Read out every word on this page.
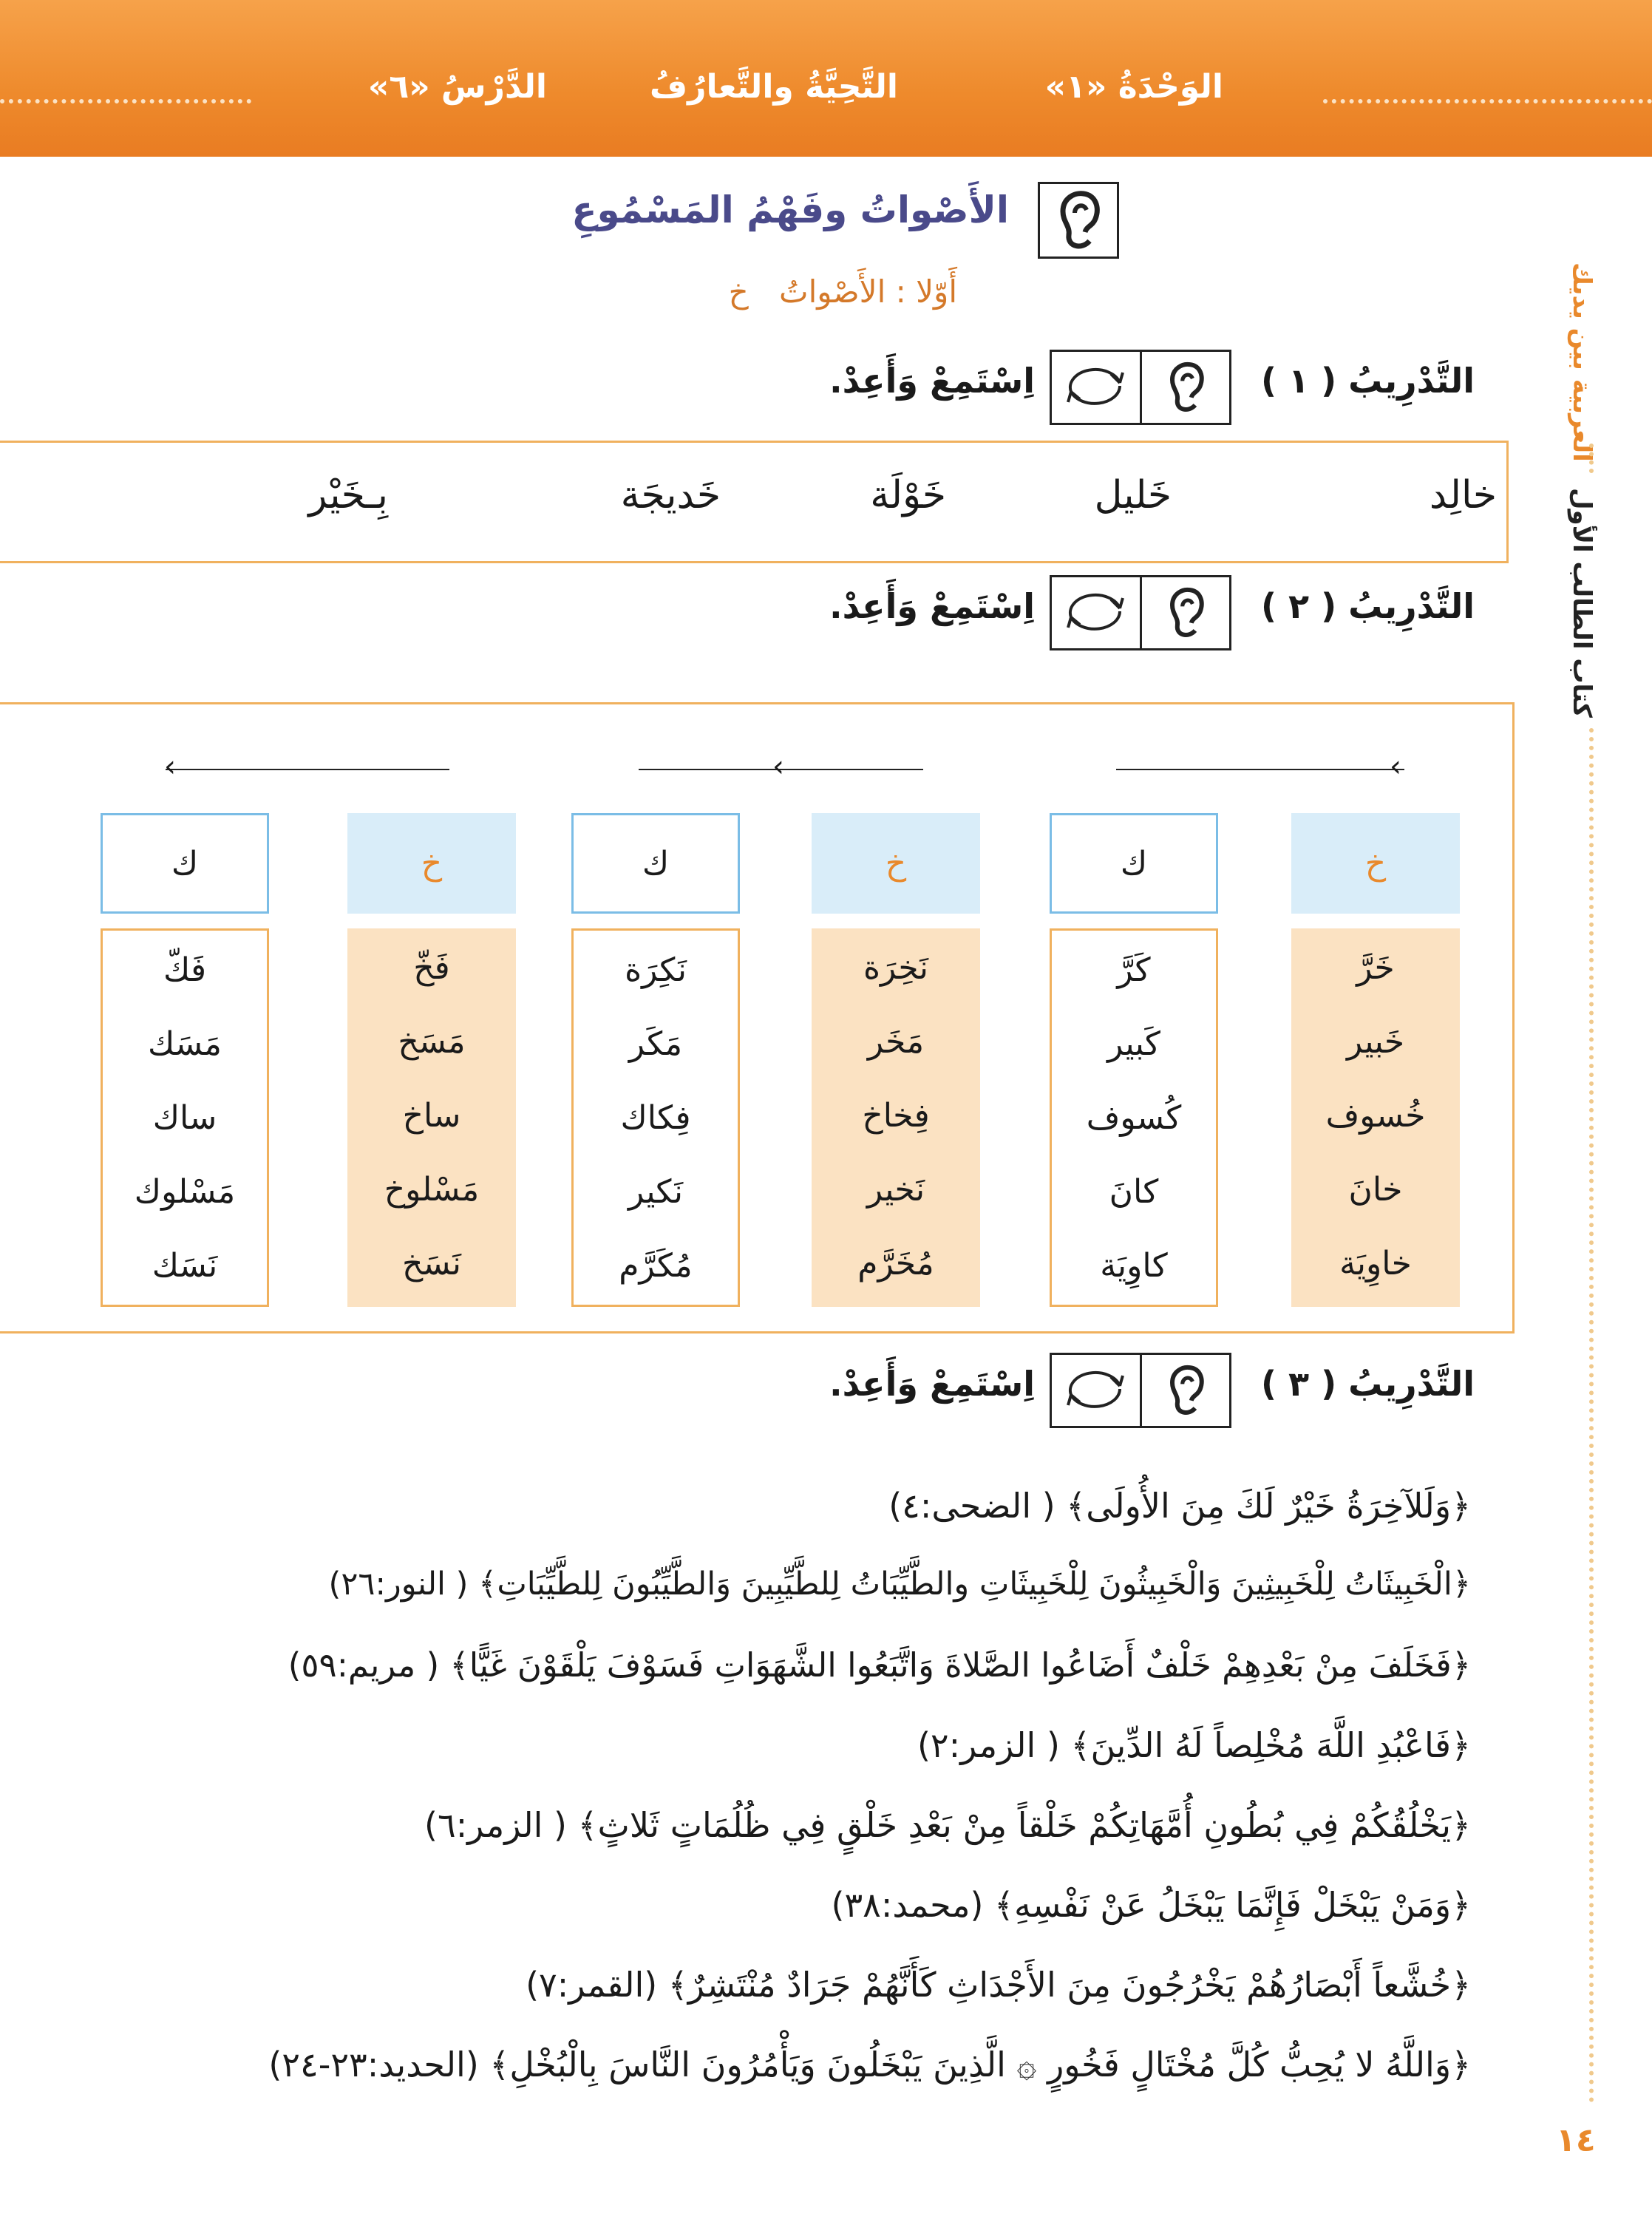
الوَحْدَةُ «١»
التَّحِيَّةُ والتَّعارُفُ
الدَّرْسُ «٦»
العربية بين يديك
كتاب الطالب الأول
١٤
الأَصْواتُ وفَهْمُ المَسْمُوعِ
أَوّلا : الأَصْواتُ خ
التَّدْرِيبُ ( ١ )
اِسْتَمِعْ وَأَعِدْ.
خالِد
خَليل
خَوْلَة
خَديجَة
بِـخَيْر
التَّدْرِيبُ ( ٢ )
اِسْتَمِعْ وَأَعِدْ.
‹
‹
‹
خ
ك
خ
ك
خ
ك
خَرَّ
خَبير
خُسوف
خانَ
خاوِيَة
كَرَّ
كَبير
كُسوف
كانَ
كاوِيَة
نَخِرَة
مَخَر
فِخاخ
نَخير
مُخَرَّم
نَكِرَة
مَكَر
فِكاك
نَكير
مُكَرَّم
فَخّ
مَسَخ
ساخ
مَسْلوخ
نَسَخ
فَكّ
مَسَك
ساك
مَسْلوك
نَسَك
التَّدْرِيبُ ( ٣ )
اِسْتَمِعْ وَأَعِدْ.
﴿وَلَلآخِرَةُ خَيْرٌ لَكَ مِنَ الأُولَى﴾ ( الضحى:٤)
﴿الْخَبِيثَاتُ لِلْخَبِيثِينَ وَالْخَبِيثُونَ لِلْخَبِيثَاتِ والطَّيِّبَاتُ لِلطَّيِّبِينَ وَالطَّيِّبُونَ لِلطَّيِّبَاتِ﴾ ( النور:٢٦)
﴿فَخَلَفَ مِنْ بَعْدِهِمْ خَلْفٌ أَضَاعُوا الصَّلاةَ وَاتَّبَعُوا الشَّهَوَاتِ فَسَوْفَ يَلْقَوْنَ غَيًّا﴾ ( مريم:٥٩)
﴿فَاعْبُدِ اللَّهَ مُخْلِصاً لَهُ الدِّينَ﴾ ( الزمر:٢)
﴿يَخْلُقُكُمْ فِي بُطُونِ أُمَّهَاتِكُمْ خَلْقاً مِنْ بَعْدِ خَلْقٍ فِي ظُلُمَاتٍ ثَلاثٍ﴾ ( الزمر:٦)
﴿وَمَنْ يَبْخَلْ فَإِنَّمَا يَبْخَلُ عَنْ نَفْسِهِ﴾ (محمد:٣٨)
﴿خُشَّعاً أَبْصَارُهُمْ يَخْرُجُونَ مِنَ الأَجْدَاثِ كَأَنَّهُمْ جَرَادٌ مُنْتَشِرٌ﴾ (القمر:٧)
﴿وَاللَّهُ لا يُحِبُّ كُلَّ مُخْتَالٍ فَخُورٍ ۞ الَّذِينَ يَبْخَلُونَ وَيَأْمُرُونَ النَّاسَ بِالْبُخْلِ﴾ (الحديد:٢٣-٢٤)
